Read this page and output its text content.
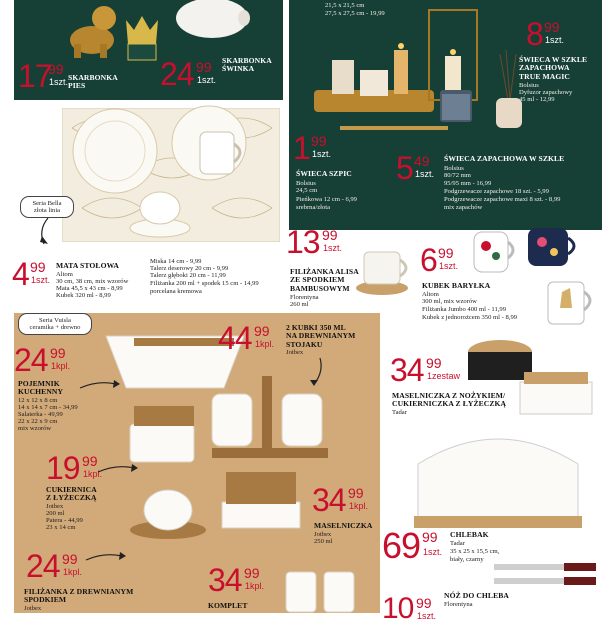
17
99
1szt. SKARBONKA
PIES	24 99
1szt.
SKARBONKA
ŚWINKA
21,5 x 21,5 cm
27,5 x 27,5 cm - 19,99
8 99
1szt.
ŚWIECA W SZKLE
ZAPACHOWA
TRUE MAGIC
Bolsius
Dyfuzor zapachowy
45 ml - 12,99
1 99
1szt.
ŚWIECA SZPIC
Bolsius
24,5 cm
Pieńkowa 12 cm - 6,99
srebrna/złota
5 49
1szt.
ŚWIECA ZAPACHOWA W SZKLE
Bolsius
80/72 mm
95/95 mm - 16,99
Podgrzewacze zapachowe 18 szt. - 5,99
Podgrzewacze zapachowe maxi 8 szt. - 8,99
mix zapachów
Seria Bella
złota linia
4 99
1szt.
MATA STOŁOWA
Altom
30 cm, 38 cm, mix wzorów
Mata 45,5 x 43 cm - 8,99
Kubek 320 ml - 8,99
Miska 14 cm - 9,99
Talerz deserowy 20 cm - 9,99
Talerz głęboki 20 cm - 11,99
Filiżanka 200 ml + spodek 15 cm - 14,99
porcelana kremowa
13 99
1szt.
FILIŻANKA ALISA
ZE SPODKIEM
BAMBUSOWYM
Florentyna
260 ml
6 99
1szt.
KUBEK BARYŁKA
Altom
300 ml, mix wzorów
Filiżanka Jumbo 400 ml - 11,99
Kubek z jednorożcem 350 ml - 8,99
Seria Vuisla
ceramika + drewno
24 99
1kpl.
POJEMNIK
KUCHENNY
12 x 12 x 8 cm
14 x 14 x 7 cm - 34,99
Salaterka - 49,99
22 x 22 x 9 cm
mix wzorów
44 99
1kpl.
2 KUBKI 350 ML
NA DREWNIANYM
STOJAKU
Jotbex
19 99
1kpl.
CUKIERNICA
Z ŁYŻECZKĄ
Jotbex
200 ml
Patera - 44,99
23 x 14 cm
34 99
1kpl.
MASELNICZKA
Jotbex
250 ml
24 99
1kpl.
FILIŻANKA Z DREWNIANYM
SPODKIEM
Jotbex
34 99
1kpl.
KOMPLET
34 99
1zestaw
MASELNICZKA Z NOŻYKIEM/
CUKIERNICZKA Z ŁYŻECZKĄ
Tadar
69 99
1szt.
CHLEBAK
Tadar
35 x 25 x 15,5 cm,
biały, czarny
10 99
1szt.
NÓŻ DO CHLEBA
Florentyna
